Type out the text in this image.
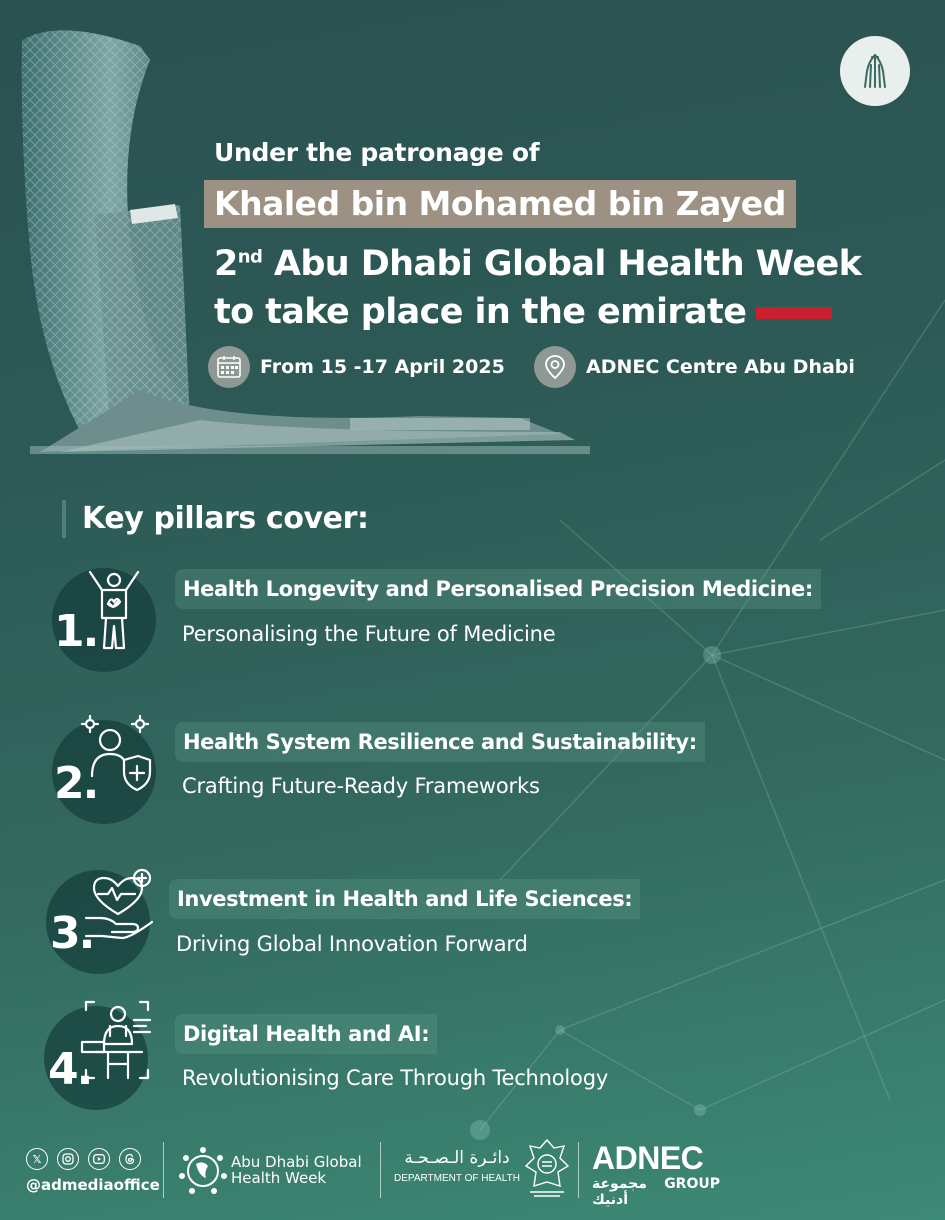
Under the patronage of
Khaled bin Mohamed bin Zayed
2nd Abu Dhabi Global Health Week
to take place in the emirate
From 15 -17 April 2025	ADNEC Centre Abu Dhabi
Key pillars cover:
1.
Health Longevity and Personalised Precision Medicine:
Personalising the Future of Medicine
2.
Health System Resilience and Sustainability:
Crafting Future-Ready Frameworks
3.
Investment in Health and Life Sciences:
Driving Global Innovation Forward
4.
Digital Health and AI:
Revolutionising Care Through Technology
𝕏
@admediaoffice
Abu Dhabi Global
Health Week
دائـرة الـصـحـة
DEPARTMENT OF HEALTH
ADNEC
مجموعة أدنيك
GROUP
